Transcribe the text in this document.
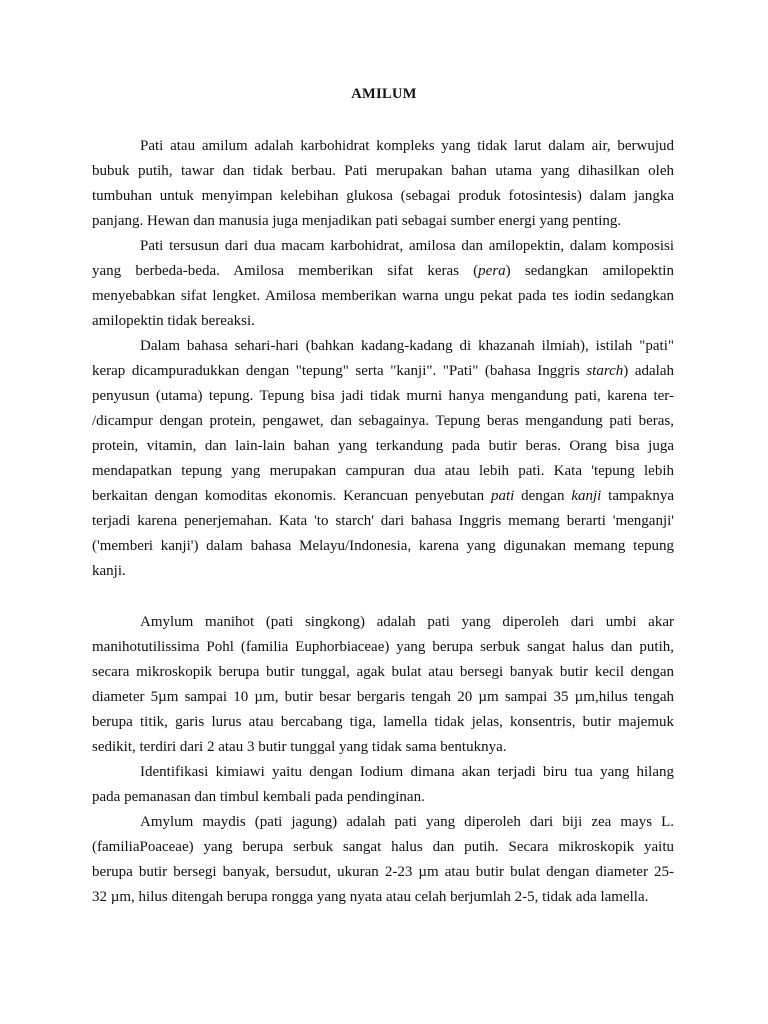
AMILUM
Pati atau amilum adalah karbohidrat kompleks yang tidak larut dalam air, berwujud
bubuk putih, tawar dan tidak berbau. Pati merupakan bahan utama yang dihasilkan oleh
tumbuhan untuk menyimpan kelebihan glukosa (sebagai produk fotosintesis) dalam jangka
panjang. Hewan dan manusia juga menjadikan pati sebagai sumber energi yang penting.
Pati tersusun dari dua macam karbohidrat, amilosa dan amilopektin, dalam komposisi
yang berbeda-beda. Amilosa memberikan sifat keras (pera) sedangkan amilopektin
menyebabkan sifat lengket. Amilosa memberikan warna ungu pekat pada tes iodin sedangkan
amilopektin tidak bereaksi.
Dalam bahasa sehari-hari (bahkan kadang-kadang di khazanah ilmiah), istilah "pati"
kerap dicampuradukkan dengan "tepung" serta "kanji". "Pati" (bahasa Inggris starch) adalah
penyusun (utama) tepung. Tepung bisa jadi tidak murni hanya mengandung pati, karena ter-
/dicampur dengan protein, pengawet, dan sebagainya. Tepung beras mengandung pati beras,
protein, vitamin, dan lain-lain bahan yang terkandung pada butir beras. Orang bisa juga
mendapatkan tepung yang merupakan campuran dua atau lebih pati. Kata 'tepung lebih
berkaitan dengan komoditas ekonomis. Kerancuan penyebutan pati dengan kanji tampaknya
terjadi karena penerjemahan. Kata 'to starch' dari bahasa Inggris memang berarti 'menganji'
('memberi kanji') dalam bahasa Melayu/Indonesia, karena yang digunakan memang tepung
kanji.
Amylum manihot (pati singkong) adalah pati yang diperoleh dari umbi akar
manihotutilissima Pohl (familia Euphorbiaceae) yang berupa serbuk sangat halus dan putih,
secara mikroskopik berupa butir tunggal, agak bulat atau bersegi banyak butir kecil dengan
diameter 5µm sampai 10 µm, butir besar bergaris tengah 20 µm sampai 35 µm,hilus tengah
berupa titik, garis lurus atau bercabang tiga, lamella tidak jelas, konsentris, butir majemuk
sedikit, terdiri dari 2 atau 3 butir tunggal yang tidak sama bentuknya.
Identifikasi kimiawi yaitu dengan Iodium dimana akan terjadi biru tua yang hilang
pada pemanasan dan timbul kembali pada pendinginan.
Amylum maydis (pati jagung) adalah pati yang diperoleh dari biji zea mays L.
(familiaPoaceae) yang berupa serbuk sangat halus dan putih. Secara mikroskopik yaitu
berupa butir bersegi banyak, bersudut, ukuran 2-23 µm atau butir bulat dengan diameter 25-
32 µm, hilus ditengah berupa rongga yang nyata atau celah berjumlah 2-5, tidak ada lamella.
